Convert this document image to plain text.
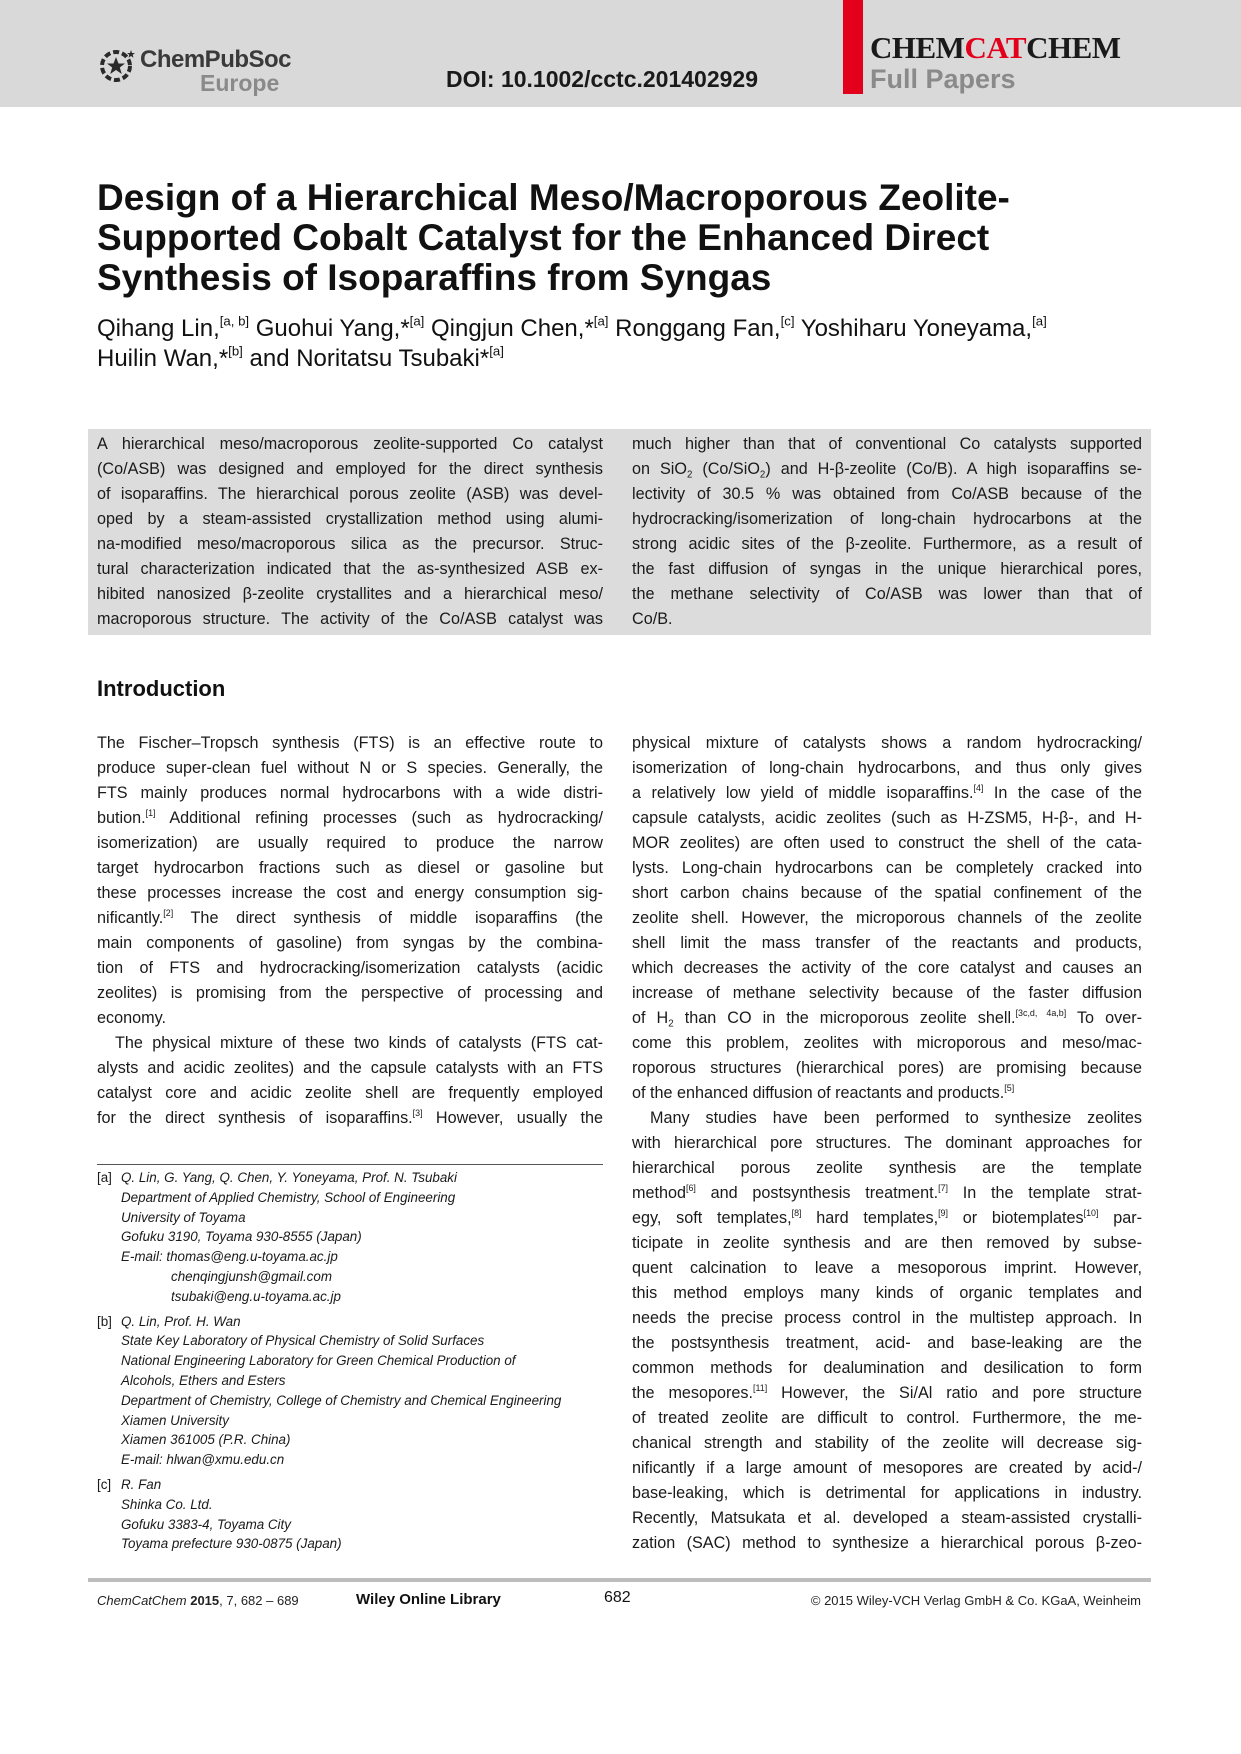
ChemPubSoc
Europe	DOI: 10.1002/cctc.201402929
CHEMCATCHEM
Full Papers
Design of a Hierarchical Meso/Macroporous Zeolite-
Supported Cobalt Catalyst for the Enhanced Direct
Synthesis of Isoparaffins from Syngas
Qihang Lin,[a, b] Guohui Yang,*[a] Qingjun Chen,*[a] Ronggang Fan,[c] Yoshiharu Yoneyama,[a]
Huilin Wan,*[b] and Noritatsu Tsubaki*[a]
A hierarchical meso/macroporous zeolite-supported Co catalyst
(Co/ASB) was designed and employed for the direct synthesis
of isoparaffins. The hierarchical porous zeolite (ASB) was devel-
oped by a steam-assisted crystallization method using alumi-
na-modified meso/macroporous silica as the precursor. Struc-
tural characterization indicated that the as-synthesized ASB ex-
hibited nanosized β-zeolite crystallites and a hierarchical meso/
macroporous structure. The activity of the Co/ASB catalyst was
much higher than that of conventional Co catalysts supported
on SiO$_2$ (Co/SiO$_2$) and H-β-zeolite (Co/B). A high isoparaffins se-
lectivity of 30.5 % was obtained from Co/ASB because of the
hydrocracking/isomerization of long-chain hydrocarbons at the
strong acidic sites of the β-zeolite. Furthermore, as a result of
the fast diffusion of syngas in the unique hierarchical pores,
the methane selectivity of Co/ASB was lower than that of
Co/B.
Introduction
The Fischer–Tropsch synthesis (FTS) is an effective route to
produce super-clean fuel without N or S species. Generally, the
FTS mainly produces normal hydrocarbons with a wide distri-
bution.[1] Additional refining processes (such as hydrocracking/
isomerization) are usually required to produce the narrow
target hydrocarbon fractions such as diesel or gasoline but
these processes increase the cost and energy consumption sig-
nificantly.[2] The direct synthesis of middle isoparaffins (the
main components of gasoline) from syngas by the combina-
tion of FTS and hydrocracking/isomerization catalysts (acidic
zeolites) is promising from the perspective of processing and
economy.
The physical mixture of these two kinds of catalysts (FTS cat-
alysts and acidic zeolites) and the capsule catalysts with an FTS
catalyst core and acidic zeolite shell are frequently employed
for the direct synthesis of isoparaffins.[3] However, usually the
physical mixture of catalysts shows a random hydrocracking/
isomerization of long-chain hydrocarbons, and thus only gives
a relatively low yield of middle isoparaffins.[4] In the case of the
capsule catalysts, acidic zeolites (such as H-ZSM5, H-β-, and H-
MOR zeolites) are often used to construct the shell of the cata-
lysts. Long-chain hydrocarbons can be completely cracked into
short carbon chains because of the spatial confinement of the
zeolite shell. However, the microporous channels of the zeolite
shell limit the mass transfer of the reactants and products,
which decreases the activity of the core catalyst and causes an
increase of methane selectivity because of the faster diffusion
of $H_2$ than CO in the microporous zeolite shell.[3c,d, 4a,b] To over-
come this problem, zeolites with microporous and meso/mac-
roporous structures (hierarchical pores) are promising because
of the enhanced diffusion of reactants and products.[5]
Many studies have been performed to synthesize zeolites
with hierarchical pore structures. The dominant approaches for
hierarchical porous zeolite synthesis are the template
method[6] and postsynthesis treatment.[7] In the template strat-
egy, soft templates,[8] hard templates,[9] or biotemplates[10] par-
ticipate in zeolite synthesis and are then removed by subse-
quent calcination to leave a mesoporous imprint. However,
this method employs many kinds of organic templates and
needs the precise process control in the multistep approach. In
the postsynthesis treatment, acid- and base-leaking are the
common methods for dealumination and desilication to form
the mesopores.[11] However, the Si/Al ratio and pore structure
of treated zeolite are difficult to control. Furthermore, the me-
chanical strength and stability of the zeolite will decrease sig-
nificantly if a large amount of mesopores are created by acid-/
base-leaking, which is detrimental for applications in industry.
Recently, Matsukata et al. developed a steam-assisted crystalli-
zation (SAC) method to synthesize a hierarchical porous β-zeo-
[a] Q. Lin, G. Yang, Q. Chen, Y. Yoneyama, Prof. N. Tsubaki
Department of Applied Chemistry, School of Engineering
University of Toyama
Gofuku 3190, Toyama 930-8555 (Japan)
E-mail: thomas@eng.u-toyama.ac.jp
chenqingjunsh@gmail.com
tsubaki@eng.u-toyama.ac.jp
[b] Q. Lin, Prof. H. Wan
State Key Laboratory of Physical Chemistry of Solid Surfaces
National Engineering Laboratory for Green Chemical Production of
Alcohols, Ethers and Esters
Department of Chemistry, College of Chemistry and Chemical Engineering
Xiamen University
Xiamen 361005 (P.R. China)
E-mail: hlwan@xmu.edu.cn
[c] R. Fan
Shinka Co. Ltd.
Gofuku 3383-4, Toyama City
Toyama prefecture 930-0875 (Japan)
ChemCatChem 2015, 7, 682 – 689	Wiley Online Library	682	© 2015 Wiley-VCH Verlag GmbH & Co. KGaA, Weinheim
